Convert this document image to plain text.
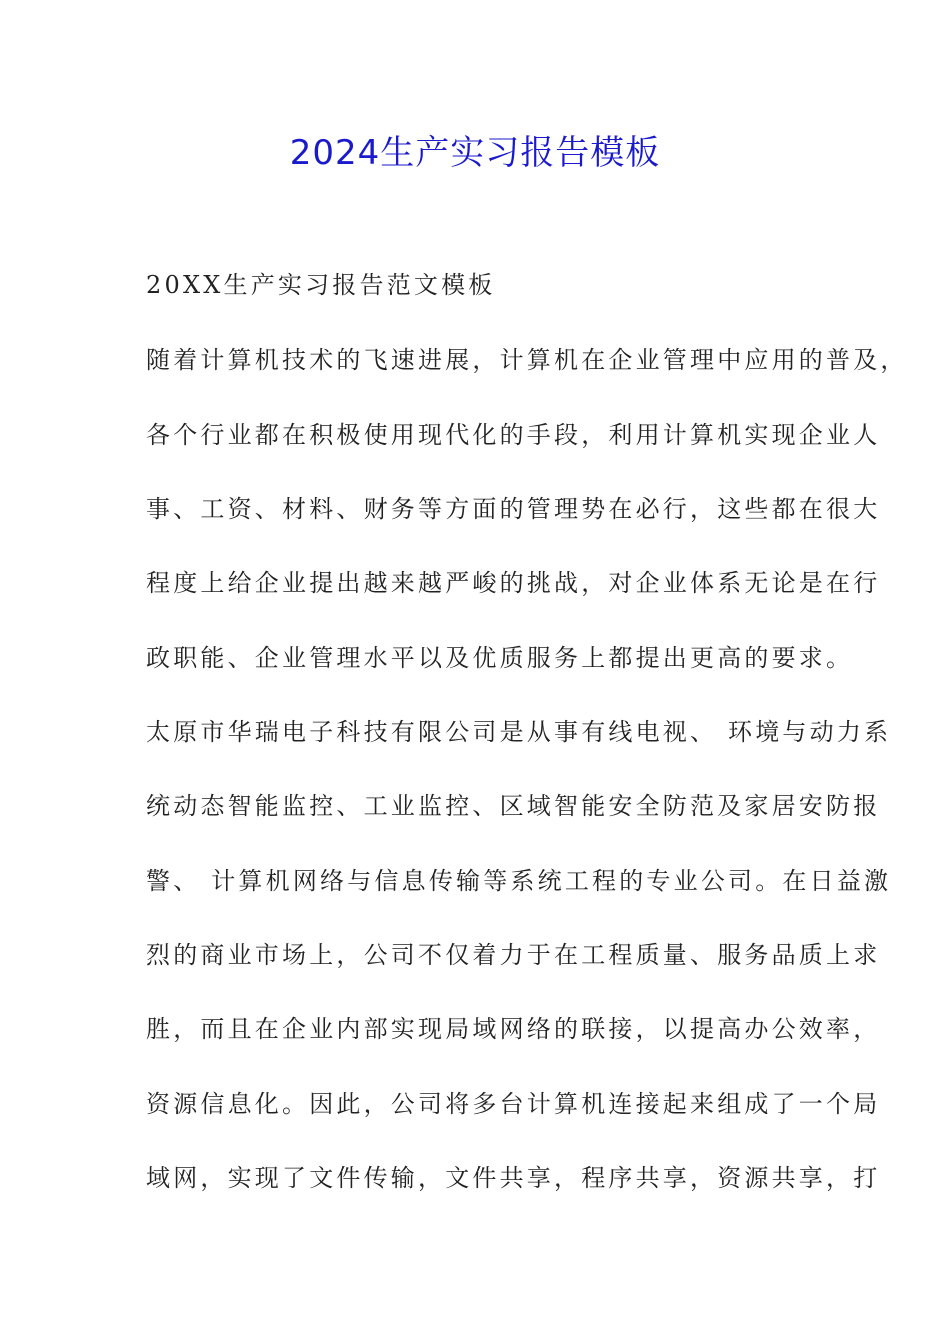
2024生产实习报告模板

20XX生产实习报告范文模板

随着计算机技术的飞速进展，计算机在企业管理中应用的普及，

各个行业都在积极使用现代化的手段，利用计算机实现企业人

事、工资、材料、财务等方面的管理势在必行，这些都在很大

程度上给企业提出越来越严峻的挑战，对企业体系无论是在行

政职能、企业管理水平以及优质服务上都提出更高的要求。

太原市华瑞电子科技有限公司是从事有线电视、 环境与动力系

统动态智能监控、工业监控、区域智能安全防范及家居安防报

警、 计算机网络与信息传输等系统工程的专业公司。在日益激

烈的商业市场上，公司不仅着力于在工程质量、服务品质上求

胜，而且在企业内部实现局域网络的联接，以提高办公效率，

资源信息化。因此，公司将多台计算机连接起来组成了一个局

域网，实现了文件传输，文件共享，程序共享，资源共享，打
